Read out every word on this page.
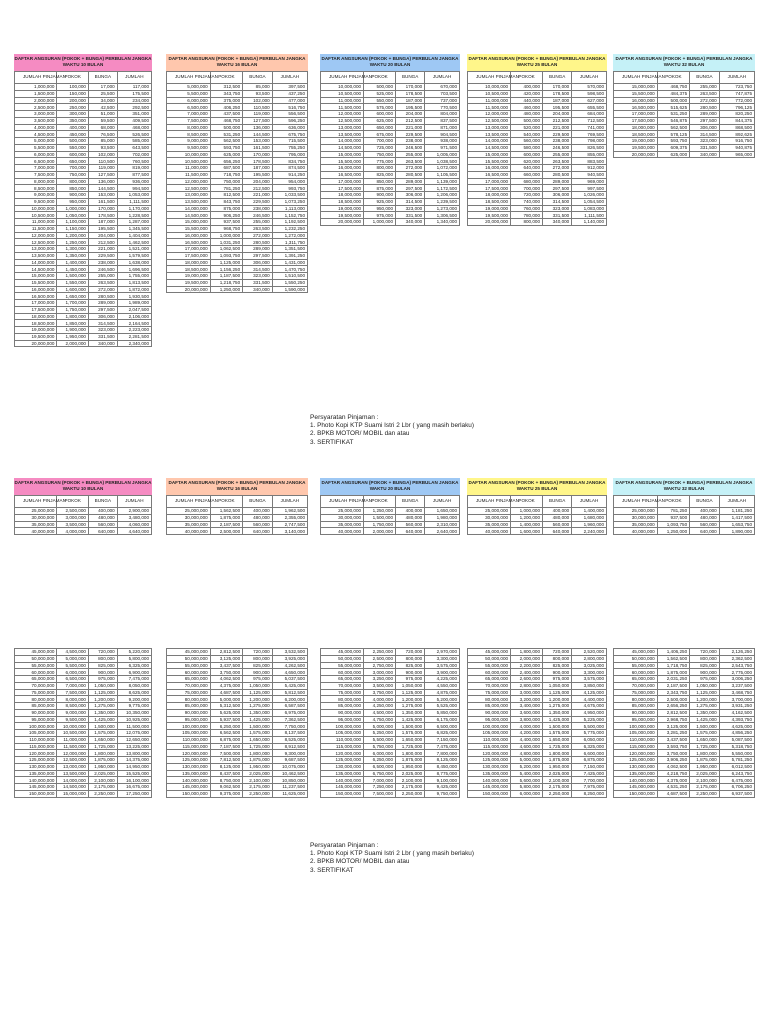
DAFTAR ANGSURAN (POKOK + BUNGA) PERBULAN JANGKA WAKTU 10 BULAN
JUMLAH PINJAMAN	POKOK	BUNGA	JUMLAH
1,000,000	100,000	17,000	117,000
1,500,000	150,000	25,500	175,500
2,000,000	200,000	34,000	234,000
2,500,000	250,000	42,500	292,500
3,000,000	300,000	51,000	351,000
3,500,000	350,000	59,500	409,500
4,000,000	400,000	68,000	468,000
4,500,000	450,000	76,500	526,500
5,000,000	500,000	85,000	585,000
5,500,000	550,000	93,500	643,500
6,000,000	600,000	102,000	702,000
6,500,000	650,000	110,500	760,500
7,000,000	700,000	119,000	819,000
7,500,000	750,000	127,500	877,500
8,000,000	800,000	136,000	936,000
8,500,000	850,000	144,500	994,500
9,000,000	900,000	153,000	1,053,000
9,500,000	950,000	161,500	1,111,500
10,000,000	1,000,000	170,000	1,170,000
10,500,000	1,050,000	178,500	1,228,500
11,000,000	1,100,000	187,000	1,287,000
11,500,000	1,150,000	195,500	1,345,500
12,000,000	1,200,000	204,000	1,404,000
12,500,000	1,250,000	212,500	1,462,500
13,000,000	1,300,000	221,000	1,521,000
13,500,000	1,350,000	229,500	1,579,500
14,000,000	1,400,000	238,000	1,638,000
14,500,000	1,450,000	246,500	1,696,500
15,000,000	1,500,000	255,000	1,755,000
15,500,000	1,550,000	263,500	1,813,500
16,000,000	1,600,000	272,000	1,872,000
16,500,000	1,650,000	280,500	1,930,500
17,000,000	1,700,000	289,000	1,989,000
17,500,000	1,750,000	297,500	2,047,500
18,000,000	1,800,000	306,000	2,106,000
18,500,000	1,850,000	314,500	2,164,500
19,000,000	1,900,000	323,000	2,223,000
19,500,000	1,950,000	331,500	2,281,500
20,000,000	2,000,000	340,000	2,340,000
DAFTAR ANGSURAN (POKOK + BUNGA) PERBULAN JANGKA WAKTU 16 BULAN
JUMLAH PINJAMAN	POKOK	BUNGA	JUMLAH
5,000,000	312,500	85,000	397,500
5,500,000	343,750	93,500	437,250
6,000,000	375,000	102,000	477,000
6,500,000	406,250	110,500	516,750
7,000,000	437,500	119,000	556,500
7,500,000	468,750	127,500	596,250
8,000,000	500,000	136,000	636,000
8,500,000	531,250	144,500	675,750
9,000,000	562,500	153,000	715,500
9,500,000	593,750	161,500	755,250
10,000,000	625,000	170,000	795,000
10,500,000	656,250	178,500	834,750
11,000,000	687,500	187,000	874,500
11,500,000	718,750	195,500	914,250
12,000,000	750,000	204,000	954,000
12,500,000	781,250	212,500	993,750
13,000,000	812,500	221,000	1,033,500
13,500,000	843,750	229,500	1,073,250
14,000,000	875,000	238,000	1,113,000
14,500,000	906,250	246,500	1,152,750
15,000,000	937,500	255,000	1,192,500
15,500,000	968,750	263,500	1,232,250
16,000,000	1,000,000	272,000	1,272,000
16,500,000	1,031,250	280,500	1,311,750
17,000,000	1,062,500	289,000	1,351,500
17,500,000	1,093,750	297,500	1,391,250
18,000,000	1,125,000	306,000	1,431,000
18,500,000	1,156,250	314,500	1,470,750
19,000,000	1,187,500	323,000	1,510,500
19,500,000	1,218,750	331,500	1,550,250
20,000,000	1,250,000	340,000	1,590,000
DAFTAR ANGSURAN (POKOK + BUNGA) PERBULAN JANGKA WAKTU 20 BULAN
JUMLAH PINJAMAN	POKOK	BUNGA	JUMLAH
10,000,000	500,000	170,000	670,000
10,500,000	525,000	178,500	703,500
11,000,000	550,000	187,000	737,000
11,500,000	575,000	195,500	770,500
12,000,000	600,000	204,000	804,000
12,500,000	625,000	212,500	837,500
13,000,000	650,000	221,000	871,000
13,500,000	675,000	229,500	904,500
14,000,000	700,000	238,000	938,000
14,500,000	725,000	246,500	971,500
15,000,000	750,000	255,000	1,005,000
15,500,000	775,000	263,500	1,038,500
16,000,000	800,000	272,000	1,072,000
16,500,000	825,000	280,500	1,105,500
17,000,000	850,000	289,000	1,139,000
17,500,000	875,000	297,500	1,172,500
18,000,000	900,000	306,000	1,206,000
18,500,000	925,000	314,500	1,239,500
19,000,000	950,000	323,000	1,273,000
19,500,000	975,000	331,500	1,306,500
20,000,000	1,000,000	340,000	1,340,000
DAFTAR ANGSURAN (POKOK + BUNGA) PERBULAN JANGKA WAKTU 25 BULAN
JUMLAH PINJAMAN	POKOK	BUNGA	JUMLAH
10,000,000	400,000	170,000	570,000
10,500,000	420,000	178,500	598,500
11,000,000	440,000	187,000	627,000
11,500,000	460,000	195,500	655,500
12,000,000	480,000	204,000	684,000
12,500,000	500,000	212,500	712,500
13,000,000	520,000	221,000	741,000
13,500,000	540,000	229,500	769,500
14,000,000	560,000	238,000	798,000
14,500,000	580,000	246,500	826,500
15,000,000	600,000	255,000	855,000
15,500,000	620,000	263,500	883,500
16,000,000	640,000	272,000	912,000
16,500,000	660,000	280,500	940,500
17,000,000	680,000	289,000	969,000
17,500,000	700,000	297,500	997,500
18,000,000	720,000	306,000	1,026,000
18,500,000	740,000	314,500	1,054,500
19,000,000	760,000	323,000	1,083,000
19,500,000	780,000	331,500	1,111,500
20,000,000	800,000	340,000	1,140,000
DAFTAR ANGSURAN (POKOK + BUNGA) PERBULAN JANGKA WAKTU 32 BULAN
JUMLAH PINJAMAN	POKOK	BUNGA	JUMLAH
15,000,000	468,750	255,000	723,750
15,500,000	484,375	263,500	747,875
16,000,000	500,000	272,000	772,000
16,500,000	515,625	280,500	796,125
17,000,000	531,250	289,000	820,250
17,500,000	546,875	297,500	844,375
18,000,000	562,500	306,000	868,500
18,500,000	578,125	314,500	892,625
19,000,000	593,750	323,000	916,750
19,500,000	609,375	331,500	940,875
20,000,000	625,000	340,000	965,000
Persyaratan Pinjaman :
1. Photo Kopi KTP Suami Istri 2 Lbr ( yang masih berlaku)
2. BPKB MOTOR/ MOBIL dan atau
3. SERTIFIKAT
DAFTAR ANGSURAN (POKOK + BUNGA) PERBULAN JANGKA WAKTU 10 BULAN
JUMLAH PINJAMAN	POKOK	BUNGA	JUMLAH
25,000,000	2,500,000	400,000	2,900,000
30,000,000	3,000,000	480,000	3,480,000
35,000,000	3,500,000	560,000	4,060,000
40,000,000	4,000,000	640,000	4,640,000
DAFTAR ANGSURAN (POKOK + BUNGA) PERBULAN JANGKA WAKTU 16 BULAN
JUMLAH PINJAMAN	POKOK	BUNGA	JUMLAH
25,000,000	1,562,500	400,000	1,962,500
30,000,000	1,875,000	480,000	2,355,000
35,000,000	2,187,500	560,000	2,747,500
40,000,000	2,500,000	640,000	3,140,000
DAFTAR ANGSURAN (POKOK + BUNGA) PERBULAN JANGKA WAKTU 20 BULAN
JUMLAH PINJAMAN	POKOK	BUNGA	JUMLAH
25,000,000	1,250,000	400,000	1,650,000
30,000,000	1,500,000	480,000	1,980,000
35,000,000	1,750,000	560,000	2,310,000
40,000,000	2,000,000	640,000	2,640,000
DAFTAR ANGSURAN (POKOK + BUNGA) PERBULAN JANGKA WAKTU 25 BULAN
JUMLAH PINJAMAN	POKOK	BUNGA	JUMLAH
25,000,000	1,000,000	400,000	1,400,000
30,000,000	1,200,000	480,000	1,680,000
35,000,000	1,400,000	560,000	1,960,000
40,000,000	1,600,000	640,000	2,240,000
DAFTAR ANGSURAN (POKOK + BUNGA) PERBULAN JANGKA WAKTU 32 BULAN
JUMLAH PINJAMAN	POKOK	BUNGA	JUMLAH
25,000,000	781,250	400,000	1,181,250
30,000,000	937,500	480,000	1,417,500
35,000,000	1,093,750	560,000	1,653,750
40,000,000	1,250,000	640,000	1,890,000
45,000,000	4,500,000	720,000	5,220,000
50,000,000	5,000,000	800,000	5,800,000
55,000,000	5,500,000	825,000	6,325,000
60,000,000	6,000,000	900,000	6,900,000
65,000,000	6,500,000	975,000	7,475,000
70,000,000	7,000,000	1,050,000	8,050,000
75,000,000	7,500,000	1,125,000	8,625,000
80,000,000	8,000,000	1,200,000	9,200,000
85,000,000	8,500,000	1,275,000	9,775,000
90,000,000	9,000,000	1,350,000	10,350,000
95,000,000	9,500,000	1,425,000	10,925,000
100,000,000	10,000,000	1,500,000	11,500,000
105,000,000	10,500,000	1,575,000	12,075,000
110,000,000	11,000,000	1,650,000	12,650,000
115,000,000	11,500,000	1,725,000	13,225,000
120,000,000	12,000,000	1,800,000	13,800,000
125,000,000	12,500,000	1,875,000	14,375,000
130,000,000	13,000,000	1,950,000	14,950,000
135,000,000	13,500,000	2,025,000	15,525,000
140,000,000	14,000,000	2,100,000	16,100,000
145,000,000	14,500,000	2,175,000	16,675,000
150,000,000	15,000,000	2,250,000	17,250,000
45,000,000	2,812,500	720,000	3,532,500
50,000,000	3,125,000	800,000	3,925,000
55,000,000	3,437,500	825,000	4,262,500
60,000,000	3,750,000	900,000	4,650,000
65,000,000	4,062,500	975,000	5,037,500
70,000,000	4,375,000	1,050,000	5,425,000
75,000,000	4,687,500	1,125,000	5,812,500
80,000,000	5,000,000	1,200,000	6,200,000
85,000,000	5,312,500	1,275,000	6,587,500
90,000,000	5,625,000	1,350,000	6,975,000
95,000,000	5,937,500	1,425,000	7,362,500
100,000,000	6,250,000	1,500,000	7,750,000
105,000,000	6,562,500	1,575,000	8,137,500
110,000,000	6,875,000	1,650,000	8,525,000
115,000,000	7,187,500	1,725,000	8,912,500
120,000,000	7,500,000	1,800,000	9,300,000
125,000,000	7,812,500	1,875,000	9,687,500
130,000,000	8,125,000	1,950,000	10,075,000
135,000,000	8,437,500	2,025,000	10,462,500
140,000,000	8,750,000	2,100,000	10,850,000
145,000,000	9,062,500	2,175,000	11,237,500
150,000,000	9,375,000	2,250,000	11,625,000
45,000,000	2,250,000	720,000	2,970,000
50,000,000	2,500,000	800,000	3,300,000
55,000,000	2,750,000	825,000	3,575,000
60,000,000	3,000,000	900,000	3,900,000
65,000,000	3,250,000	975,000	4,225,000
70,000,000	3,500,000	1,050,000	4,550,000
75,000,000	3,750,000	1,125,000	4,875,000
80,000,000	4,000,000	1,200,000	5,200,000
85,000,000	4,250,000	1,275,000	5,525,000
90,000,000	4,500,000	1,350,000	5,850,000
95,000,000	4,750,000	1,425,000	6,175,000
100,000,000	5,000,000	1,500,000	6,500,000
105,000,000	5,250,000	1,575,000	6,825,000
110,000,000	5,500,000	1,650,000	7,150,000
115,000,000	5,750,000	1,725,000	7,475,000
120,000,000	6,000,000	1,800,000	7,800,000
125,000,000	6,250,000	1,875,000	8,125,000
130,000,000	6,500,000	1,950,000	8,450,000
135,000,000	6,750,000	2,025,000	8,775,000
140,000,000	7,000,000	2,100,000	9,100,000
145,000,000	7,250,000	2,175,000	9,425,000
150,000,000	7,500,000	2,250,000	9,750,000
45,000,000	1,800,000	720,000	2,520,000
50,000,000	2,000,000	800,000	2,800,000
55,000,000	2,200,000	825,000	3,025,000
60,000,000	2,400,000	900,000	3,300,000
65,000,000	2,600,000	975,000	3,575,000
70,000,000	2,800,000	1,050,000	3,850,000
75,000,000	3,000,000	1,125,000	4,125,000
80,000,000	3,200,000	1,200,000	4,400,000
85,000,000	3,400,000	1,275,000	4,675,000
90,000,000	3,600,000	1,350,000	4,950,000
95,000,000	3,800,000	1,425,000	5,225,000
100,000,000	4,000,000	1,500,000	5,500,000
105,000,000	4,200,000	1,575,000	5,775,000
110,000,000	4,400,000	1,650,000	6,050,000
115,000,000	4,600,000	1,725,000	6,325,000
120,000,000	4,800,000	1,800,000	6,600,000
125,000,000	5,000,000	1,875,000	6,875,000
130,000,000	5,200,000	1,950,000	7,150,000
135,000,000	5,400,000	2,025,000	7,425,000
140,000,000	5,600,000	2,100,000	7,700,000
145,000,000	5,800,000	2,175,000	7,975,000
150,000,000	6,000,000	2,250,000	8,250,000
45,000,000	1,406,250	720,000	2,126,250
50,000,000	1,562,500	800,000	2,362,500
55,000,000	1,718,750	825,000	2,543,750
60,000,000	1,875,000	900,000	2,775,000
65,000,000	2,031,250	975,000	3,006,250
70,000,000	2,187,500	1,050,000	3,237,500
75,000,000	2,343,750	1,125,000	3,468,750
80,000,000	2,500,000	1,200,000	3,700,000
85,000,000	2,656,250	1,275,000	3,931,250
90,000,000	2,812,500	1,350,000	4,162,500
95,000,000	2,968,750	1,425,000	4,393,750
100,000,000	3,125,000	1,500,000	4,625,000
105,000,000	3,281,250	1,575,000	4,856,250
110,000,000	3,437,500	1,650,000	5,087,500
115,000,000	3,593,750	1,725,000	5,318,750
120,000,000	3,750,000	1,800,000	5,550,000
125,000,000	3,906,250	1,875,000	5,781,250
130,000,000	4,062,500	1,950,000	6,012,500
135,000,000	4,218,750	2,025,000	6,243,750
140,000,000	4,375,000	2,100,000	6,475,000
145,000,000	4,531,250	2,175,000	6,706,250
150,000,000	4,687,500	2,250,000	6,937,500
Persyaratan Pinjaman :
1. Photo Kopi KTP Suami Istri 2 Lbr ( yang masih berlaku)
2. BPKB MOTOR/ MOBIL dan atau
3. SERTIFIKAT
